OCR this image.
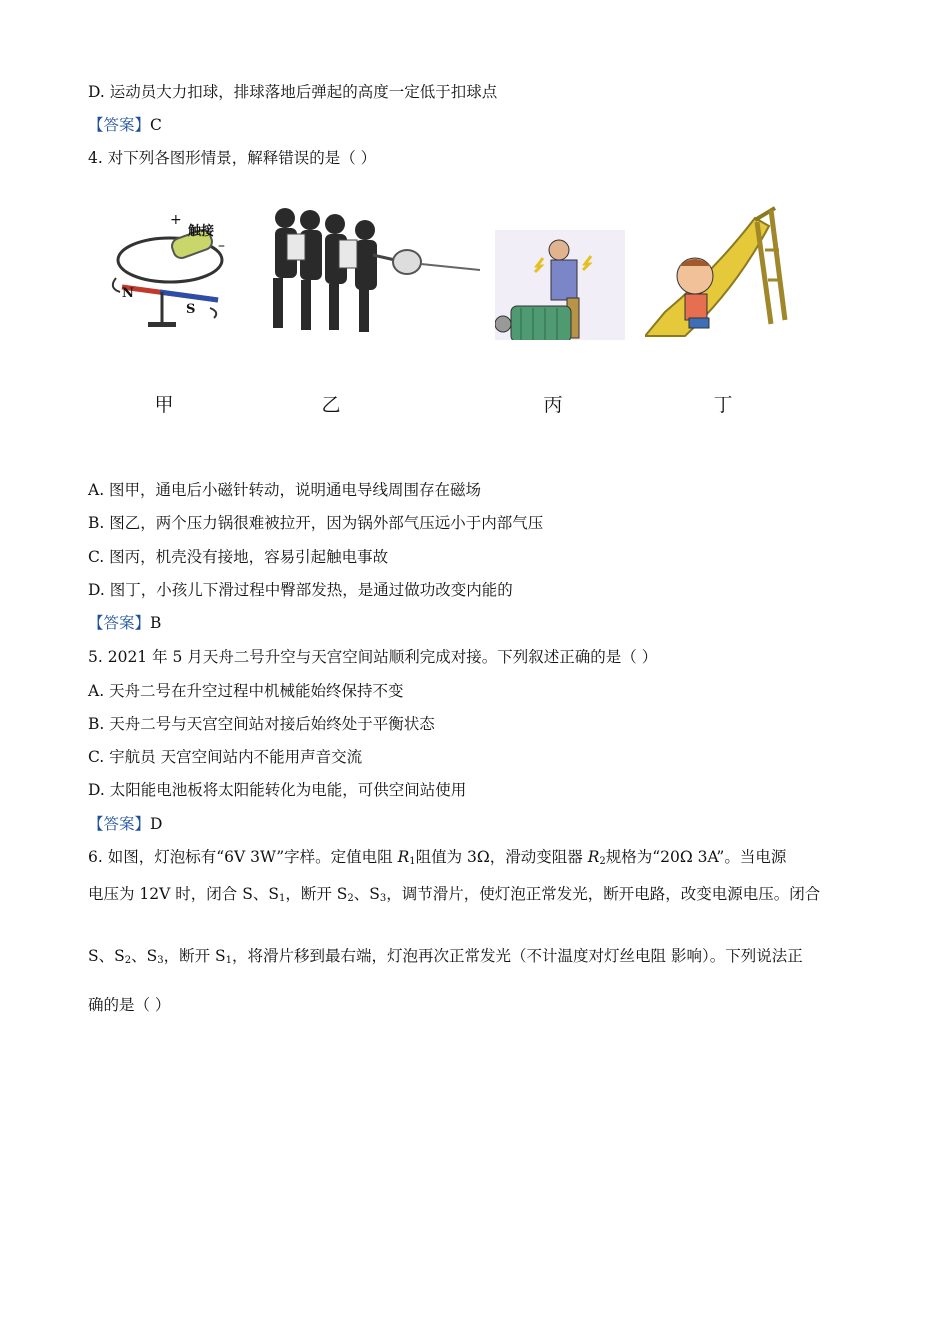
D. 运动员大力扣球，排球落地后弹起的高度一定低于扣球点
【答案】C
4. 对下列各图形情景，解释错误的是（ ）
+
–
触接
N
S
甲	乙	丙	丁
A. 图甲，通电后小磁针转动，说明通电导线周围存在磁场
B. 图乙，两个压力锅很难被拉开，因为锅外部气压远小于内部气压
C. 图丙，机壳没有接地，容易引起触电事故
D. 图丁，小孩儿下滑过程中臀部发热，是通过做功改变内能的
【答案】B
5. 2021 年 5 月天舟二号升空与天宫空间站顺利完成对接。下列叙述正确的是（ ）
A. 天舟二号在升空过程中机械能始终保持不变
B. 天舟二号与天宫空间站对接后始终处于平衡状态
C. 宇航员 天宫空间站内不能用声音交流
D. 太阳能电池板将太阳能转化为电能，可供空间站使用
【答案】D
6. 如图，灯泡标有“6V 3W”字样。定值电阻 $R_1$阻值为 3Ω，滑动变阻器 $R_2$规格为“20Ω 3A”。当电源
电压为 12V 时，闭合 S、$S_1$，断开 $S_2$、$S_3$，调节滑片，使灯泡正常发光，断开电路，改变电源电压。闭合
S、$S_2$、$S_3$，断开 $S_1$，将滑片移到最右端，灯泡再次正常发光（不计温度对灯丝电阻 影响）。下列说法正
确的是（ ）
